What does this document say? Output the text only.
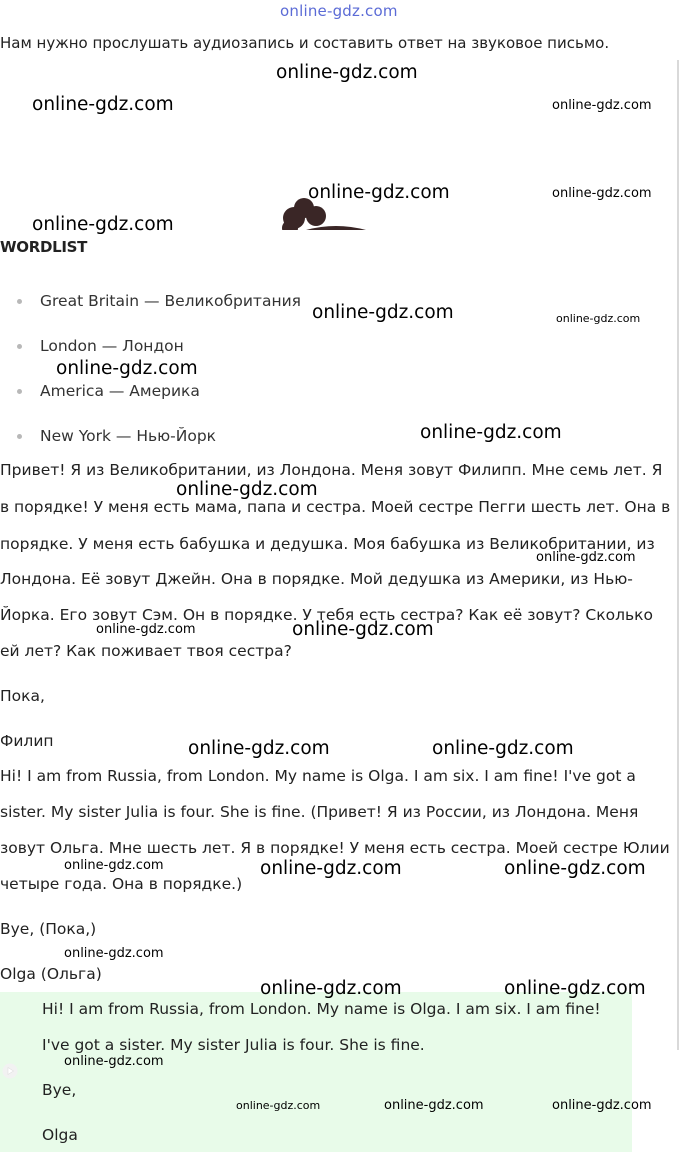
online-gdz.com
Нам нужно прослушать аудиозапись и составить ответ на звуковое письмо.
WORDLIST
Great Britain — Великобритания
London — Лондон
America — Америка
New York — Нью-Йорк
Привет! Я из Великобритании, из Лондона. Меня зовут Филипп. Мне семь лет. Я
в порядке! У меня есть мама, папа и сестра. Моей сестре Пегги шесть лет. Она в
порядке. У меня есть бабушка и дедушка. Моя бабушка из Великобритании, из
Лондона. Её зовут Джейн. Она в порядке. Мой дедушка из Америки, из Нью-
Йорка. Его зовут Сэм. Он в порядке. У тебя есть сестра? Как её зовут? Сколько
ей лет? Как поживает твоя сестра?
Пока,
Филип
Hi! I am from Russia, from London. My name is Olga. I am six. I am fine! I've got a
sister. My sister Julia is four. She is fine. (Привет! Я из России, из Лондона. Меня
зовут Ольга. Мне шесть лет. Я в порядке! У меня есть сестра. Моей сестре Юлии
четыре года. Она в порядке.)
Bye, (Пока,)
Olga (Ольга)
Hi! I am from Russia, from London. My name is Olga. I am six. I am fine!
I've got a sister. My sister Julia is four. She is fine.
Bye,
Olga
online-gdz.com
online-gdz.com	online-gdz.com
online-gdz.com	online-gdz.com
online-gdz.com
online-gdz.com	online-gdz.com
online-gdz.com
online-gdz.com
online-gdz.com
online-gdz.com
online-gdz.com	online-gdz.com
online-gdz.com	online-gdz.com
online-gdz.com	online-gdz.com	online-gdz.com
online-gdz.com
online-gdz.com	online-gdz.com
online-gdz.com
online-gdz.com	online-gdz.com	online-gdz.com
